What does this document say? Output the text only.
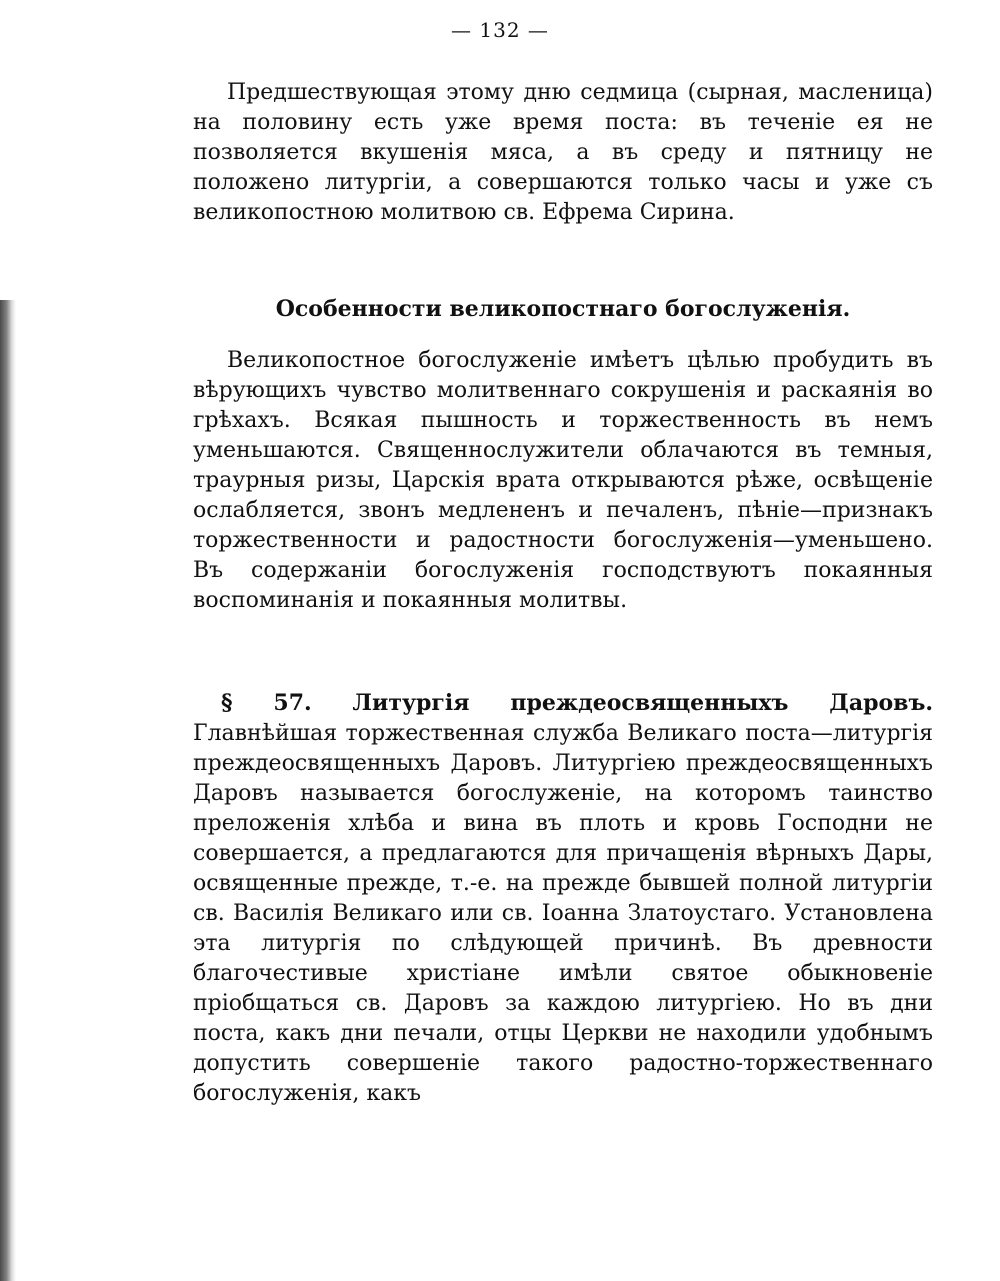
— 132 —

Предшествующая этому дню седмица (сырная, масленица) на половину есть уже время поста: въ теченіе ея не позволяется вкушенія мяса, а въ среду и пятницу не положено литургіи, а совершаются только часы и уже съ великопостною молитвою св. Ефрема Сирина.

Особенности великопостнаго богослуженія.

Великопостное богослуженіе имѣетъ цѣлью пробудить въ вѣрующихъ чувство молитвеннаго сокрушенія и раскаянія во грѣхахъ. Всякая пышность и торжественность въ немъ уменьшаются. Священнослужители облачаются въ темныя, траурныя ризы, Царскія врата открываются рѣже, освѣщеніе ослабляется, звонъ медлененъ и печаленъ, пѣніе—признакъ торжественности и радостности богослуженія—уменьшено. Въ содержаніи богослуженія господствуютъ покаянныя воспоминанія и покаянныя молитвы.

§ 57. Литургія преждеосвященныхъ Даровъ. Главнѣйшая торжественная служба Великаго поста—литургія преждеосвященныхъ Даровъ. Литургіею преждеосвященныхъ Даровъ называется богослуженіе, на которомъ таинство преложенія хлѣба и вина въ плоть и кровь Господни не совершается, а предлагаются для причащенія вѣрныхъ Дары, освященные прежде, т.-е. на прежде бывшей полной литургіи св. Василія Великаго или св. Іоанна Златоустаго. Установлена эта литургія по слѣдующей причинѣ. Въ древности благочестивые христіане имѣли святое обыкновеніе пріобщаться св. Даровъ за каждою литургіею. Но въ дни поста, какъ дни печали, отцы Церкви не находили удобнымъ допустить совершеніе такого радостно-торжественнаго богослуженія, какъ
